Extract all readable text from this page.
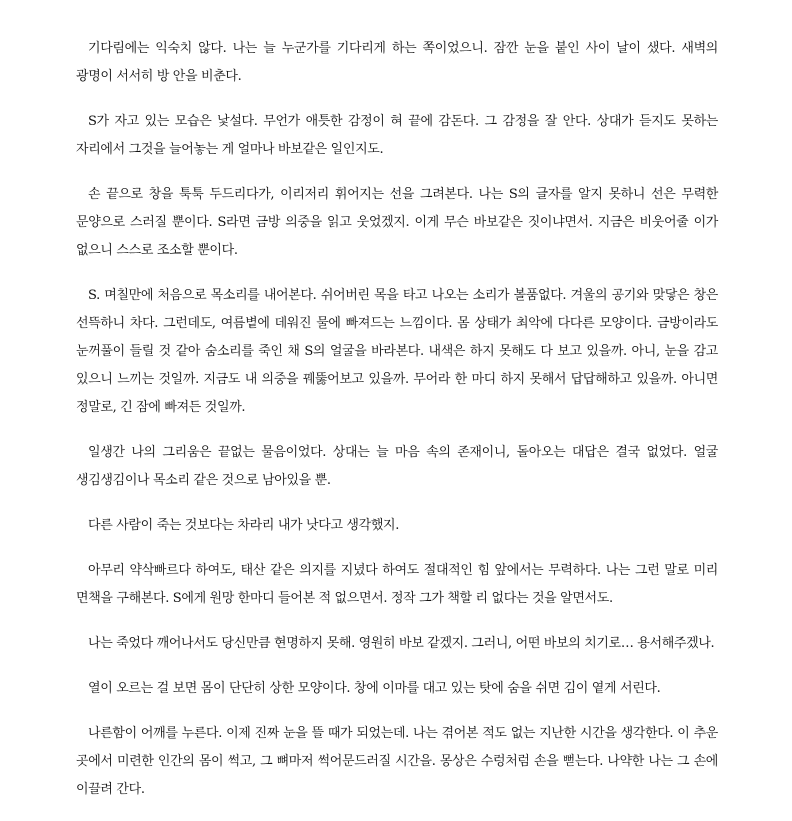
기다림에는 익숙치 않다. 나는 늘 누군가를 기다리게 하는 쪽이었으니. 잠깐 눈을 붙인 사이 날이 샜다. 새벽의 광명이 서서히 방 안을 비춘다.

S가 자고 있는 모습은 낯설다. 무언가 애틋한 감정이 혀 끝에 감돈다. 그 감정을 잘 안다. 상대가 듣지도 못하는 자리에서 그것을 늘어놓는 게 얼마나 바보같은 일인지도.

손 끝으로 창을 툭툭 두드리다가, 이리저리 휘어지는 선을 그려본다. 나는 S의 글자를 알지 못하니 선은 무력한 문양으로 스러질 뿐이다. S라면 금방 의중을 읽고 웃었겠지. 이게 무슨 바보같은 짓이냐면서. 지금은 비웃어줄 이가 없으니 스스로 조소할 뿐이다.

S. 며칠만에 처음으로 목소리를 내어본다. 쉬어버린 목을 타고 나오는 소리가 볼품없다. 겨울의 공기와 맞닿은 창은 선뜩하니 차다. 그런데도, 여름볕에 데워진 물에 빠져드는 느낌이다. 몸 상태가 최악에 다다른 모양이다. 금방이라도 눈꺼풀이 들릴 것 같아 숨소리를 죽인 채 S의 얼굴을 바라본다. 내색은 하지 못해도 다 보고 있을까. 아니, 눈을 감고 있으니 느끼는 것일까. 지금도 내 의중을 꿰뚫어보고 있을까. 무어라 한 마디 하지 못해서 답답해하고 있을까. 아니면 정말로, 긴 잠에 빠져든 것일까.

일생간 나의 그리움은 끝없는 물음이었다. 상대는 늘 마음 속의 존재이니, 돌아오는 대답은 결국 없었다. 얼굴 생김생김이나 목소리 같은 것으로 남아있을 뿐.

다른 사람이 죽는 것보다는 차라리 내가 낫다고 생각했지.

아무리 약삭빠르다 하여도, 태산 같은 의지를 지녔다 하여도 절대적인 힘 앞에서는 무력하다. 나는 그런 말로 미리 면책을 구해본다. S에게 원망 한마디 들어본 적 없으면서. 정작 그가 책할 리 없다는 것을 알면서도.

나는 죽었다 깨어나서도 당신만큼 현명하지 못해. 영원히 바보 같겠지. 그러니, 어떤 바보의 치기로… 용서해주겠나.

열이 오르는 걸 보면 몸이 단단히 상한 모양이다. 창에 이마를 대고 있는 탓에 숨을 쉬면 김이 옅게 서린다.

나른함이 어깨를 누른다. 이제 진짜 눈을 뜰 때가 되었는데. 나는 겪어본 적도 없는 지난한 시간을 생각한다. 이 추운 곳에서 미련한 인간의 몸이 썩고, 그 뼈마저 썩어문드러질 시간을. 몽상은 수렁처럼 손을 뻗는다. 나약한 나는 그 손에 이끌려 간다.
